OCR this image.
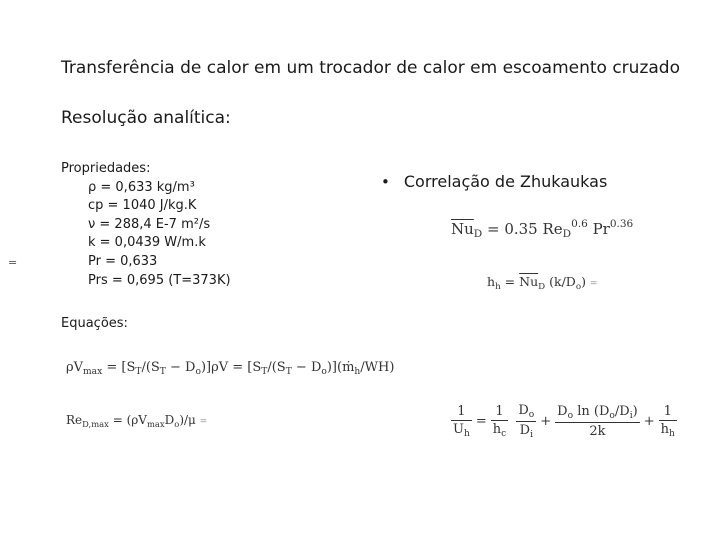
Transferência de calor em um trocador de calor em escoamento cruzado
Resolução analítica:
Propriedades:
ρ = 0,633 kg/m³
cp = 1040 J/kg.K
ν = 288,4 E-7 m²/s
k = 0,0439 W/m.k
Pr = 0,633
Prs = 0,695 (T=373K)
=
Equações:
• Correlação de Zhukaukas
$\rho V_{max} = [S_T/(S_T - D_o)]\rho V = [S_T/(S_T$ − $D_o)](ṁ_h/WH)$
$Re_{D,max} = (\rho V_{max}D_o)/\mu$ =
$\overline{Nu}_D = 0.35$ $Re_D^{0.6}$ $Pr^{0.36}$
$h_h = \overline{Nu}_D$ $(k/D_o)$ =
$\frac{1}{U_h} = \frac{1}{h_c}$
$\frac{D_o}{D_i} + \frac{D_o \ln (D_o/D_i)}{2k} + \frac{1}{h_h}$
